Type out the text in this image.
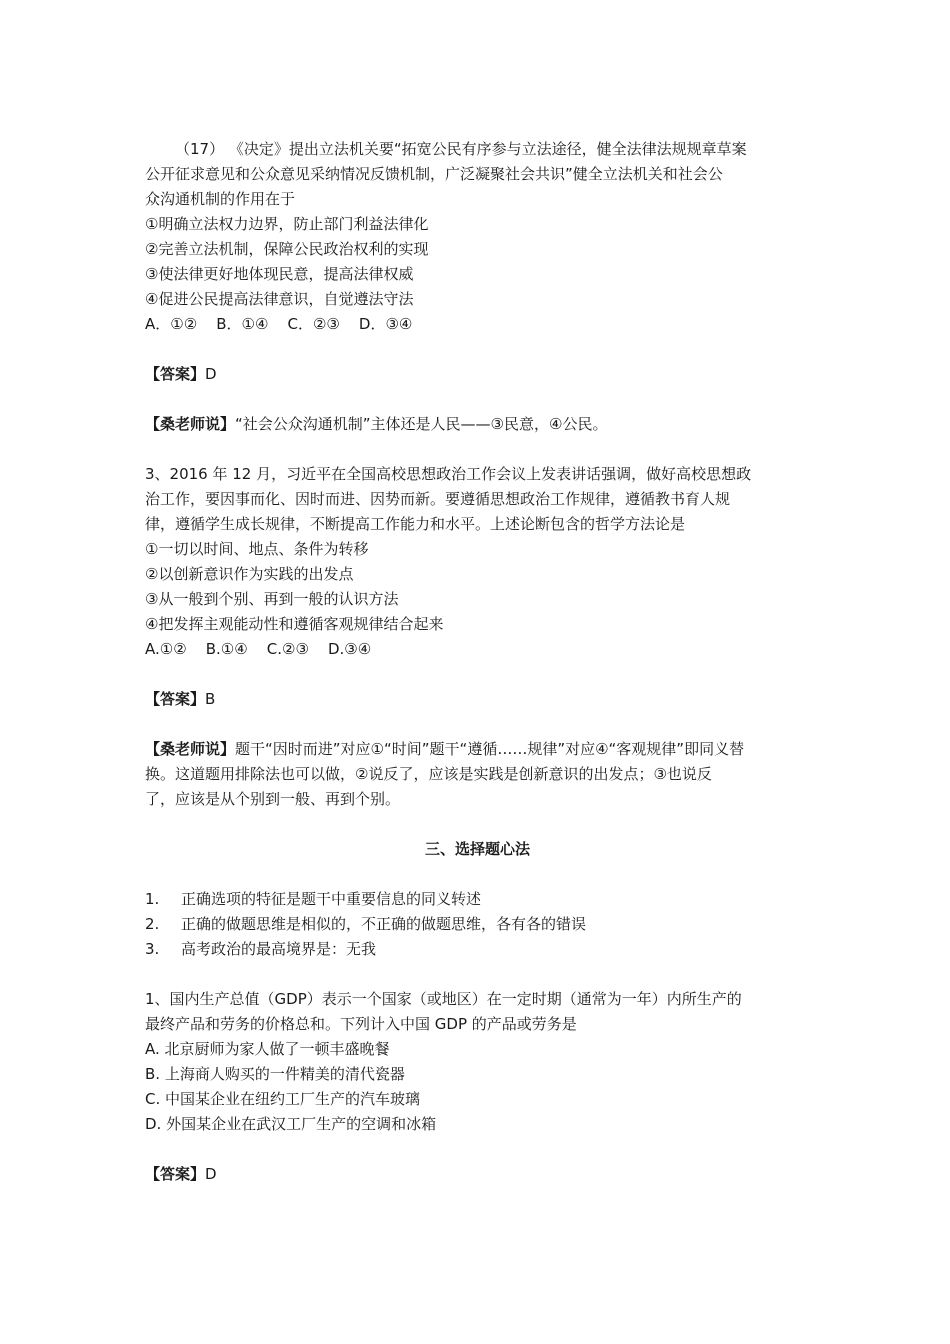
（17） 《决定》提出立法机关要“拓宽公民有序参与立法途径，健全法律法规规章草案
公开征求意见和公众意见采纳情况反馈机制，广泛凝聚社会共识”健全立法机关和社会公
众沟通机制的作用在于
①明确立法权力边界，防止部门利益法律化
②完善立法机制，保障公民政治权利的实现
③使法律更好地体现民意，提高法律权威
④促进公民提高法律意识，自觉遵法守法
A．①②    B．①④    C．②③    D．③④
【答案】D
【桑老师说】“社会公众沟通机制”主体还是人民——③民意，④公民。
3、2016 年 12 月，习近平在全国高校思想政治工作会议上发表讲话强调，做好高校思想政
治工作，要因事而化、因时而进、因势而新。要遵循思想政治工作规律，遵循教书育人规
律，遵循学生成长规律，不断提高工作能力和水平。上述论断包含的哲学方法论是
①一切以时间、地点、条件为转移
②以创新意识作为实践的出发点
③从一般到个别、再到一般的认识方法
④把发挥主观能动性和遵循客观规律结合起来
A.①②    B.①④    C.②③    D.③④
【答案】B
【桑老师说】题干“因时而进”对应①“时间”题干“遵循……规律”对应④“客观规律”即同义替
换。这道题用排除法也可以做，②说反了，应该是实践是创新意识的出发点；③也说反
了，应该是从个别到一般、再到个别。
三、选择题心法
1. 正确选项的特征是题干中重要信息的同义转述
2. 正确的做题思维是相似的，不正确的做题思维，各有各的错误
3. 高考政治的最高境界是：无我
1、国内生产总值（GDP）表示一个国家（或地区）在一定时期（通常为一年）内所生产的
最终产品和劳务的价格总和。下列计入中国 GDP 的产品或劳务是
A. 北京厨师为家人做了一顿丰盛晚餐
B. 上海商人购买的一件精美的清代瓷器
C. 中国某企业在纽约工厂生产的汽车玻璃
D. 外国某企业在武汉工厂生产的空调和冰箱
【答案】D
